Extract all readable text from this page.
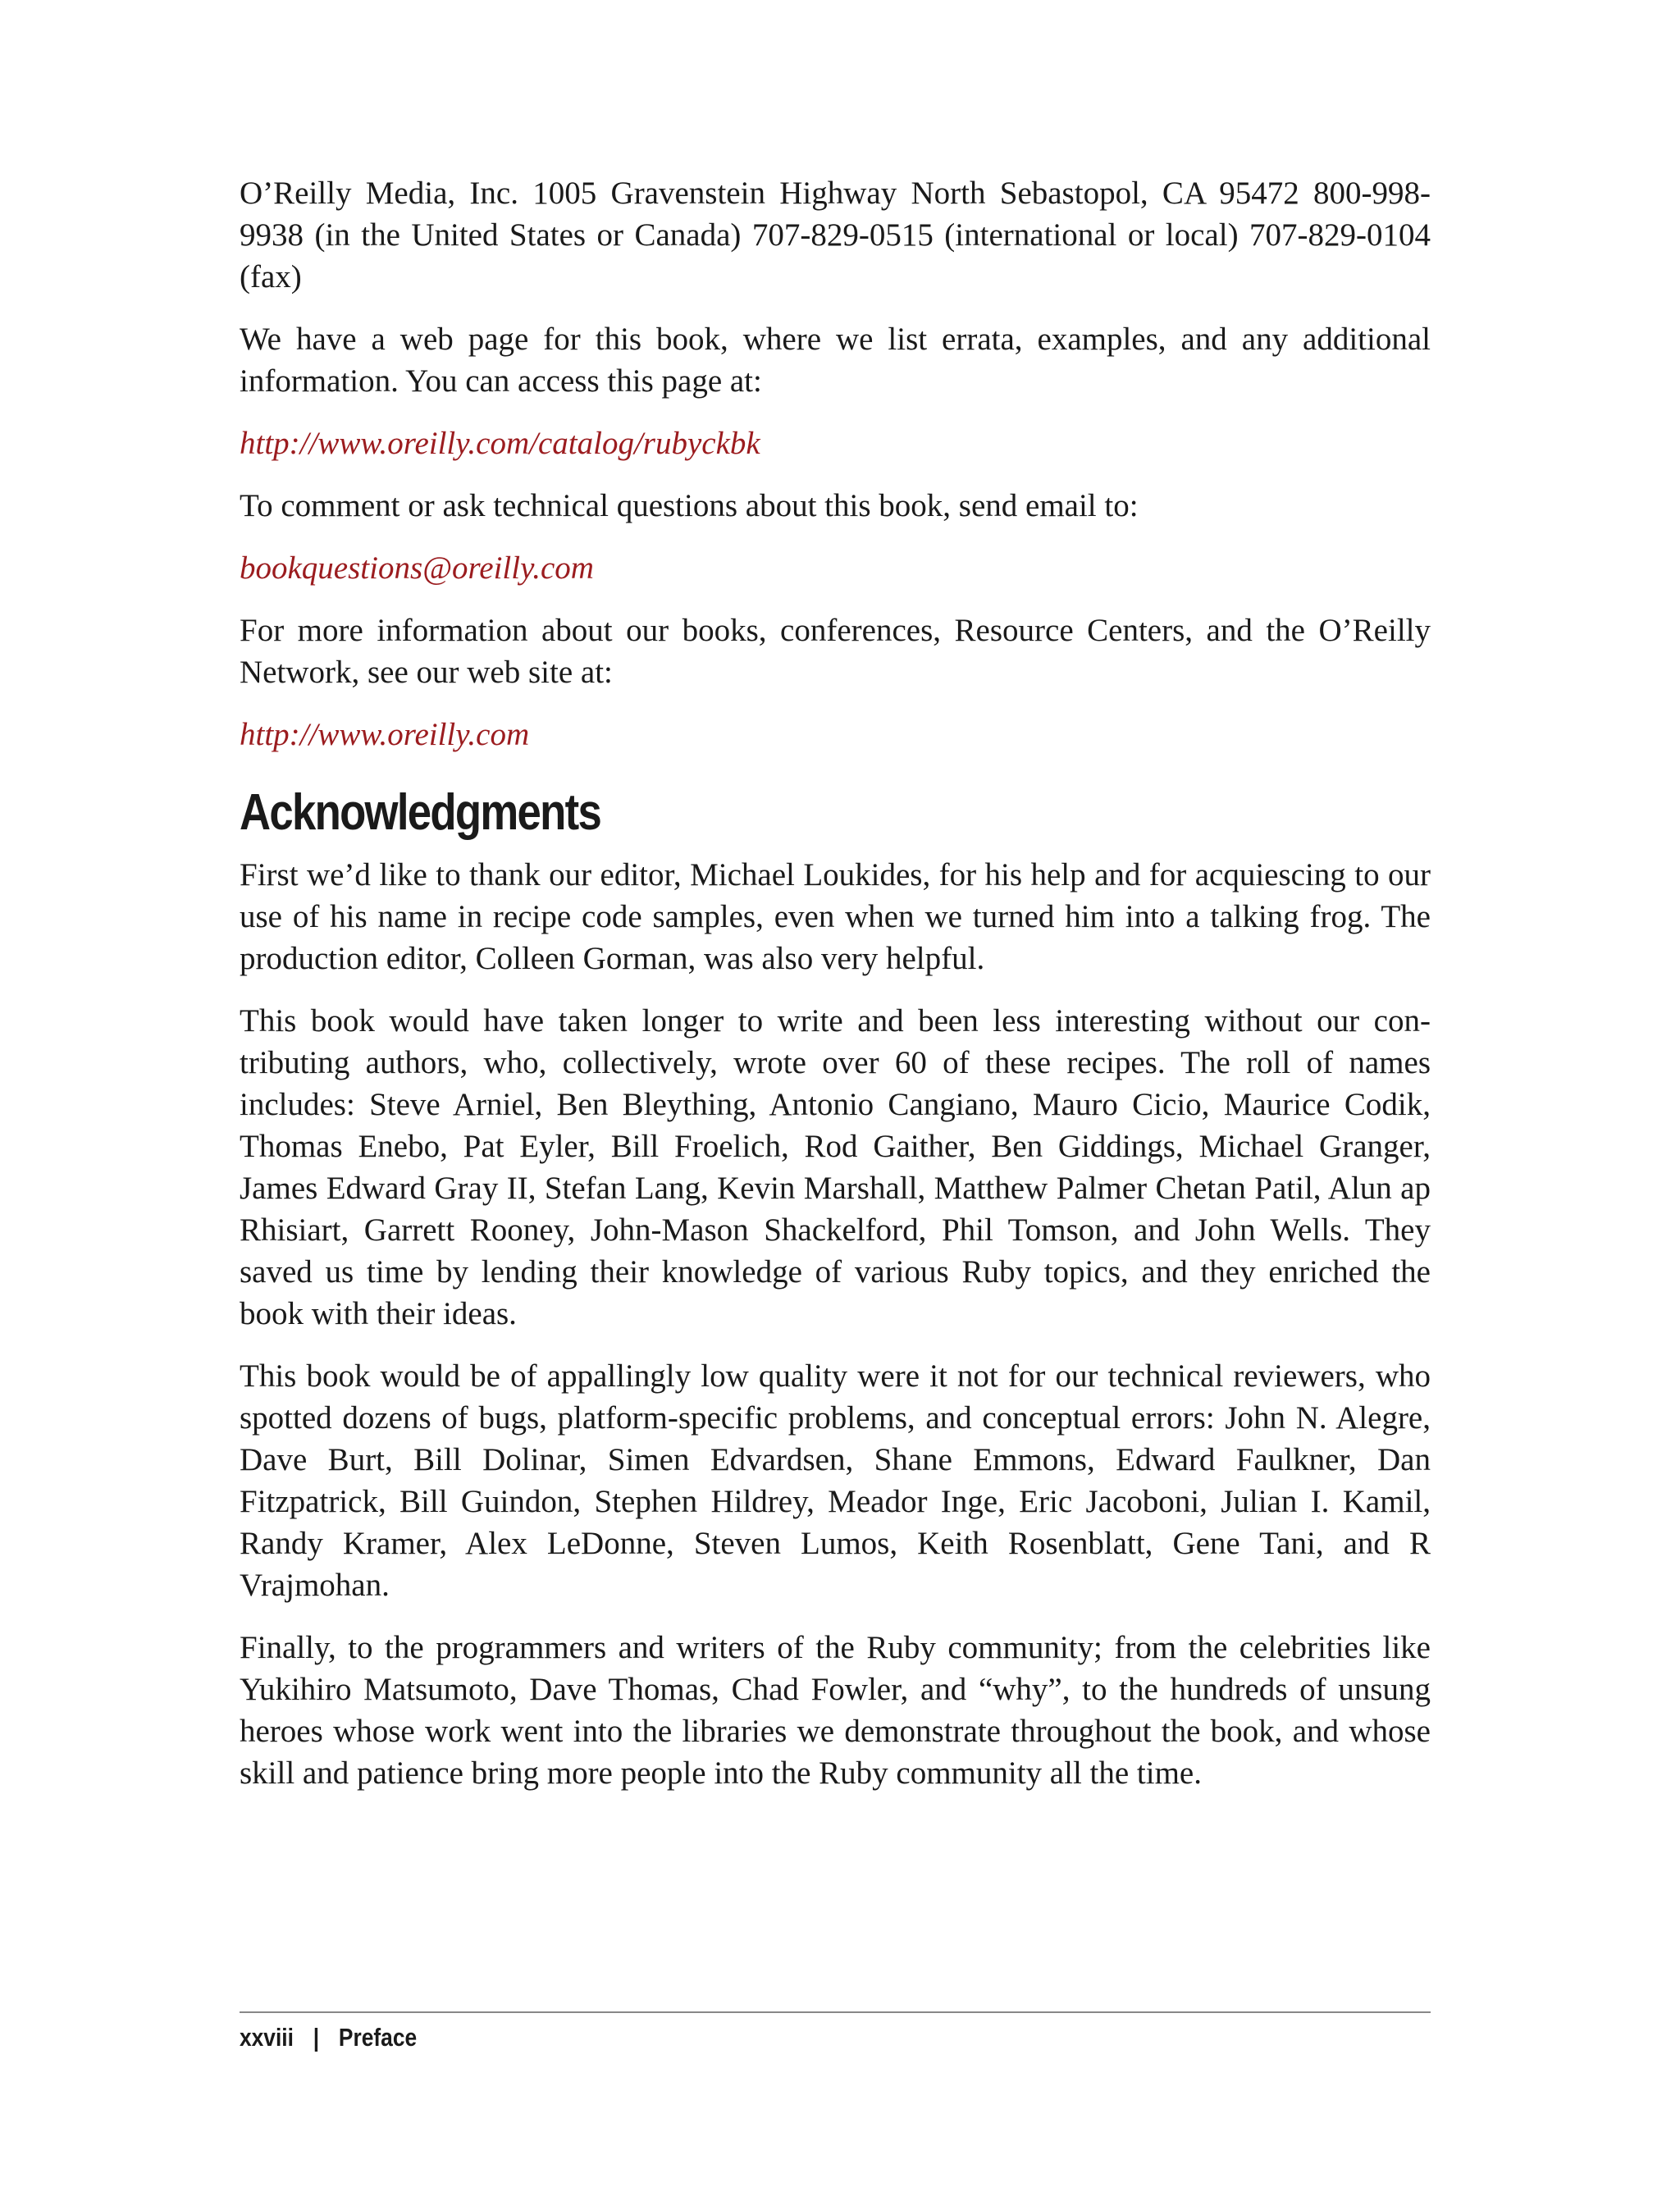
O’Reilly Media, Inc. 1005 Gravenstein Highway North Sebastopol, CA 95472 800-998-9938 (in the United States or Canada) 707-829-0515 (international or local) 707-829-0104 (fax)

We have a web page for this book, where we list errata, examples, and any additional information. You can access this page at:

http://www.oreilly.com/catalog/rubyckbk

To comment or ask technical questions about this book, send email to:

bookquestions@oreilly.com

For more information about our books, conferences, Resource Centers, and the O’Reilly Network, see our web site at:

http://www.oreilly.com

Acknowledgments

First we’d like to thank our editor, Michael Loukides, for his help and for acquiescing to our use of his name in recipe code samples, even when we turned him into a talking frog. The production editor, Colleen Gorman, was also very helpful.

This book would have taken longer to write and been less interesting without our contributing authors, who, collectively, wrote over 60 of these recipes. The roll of names includes: Steve Arniel, Ben Bleything, Antonio Cangiano, Mauro Cicio, Maurice Codik, Thomas Enebo, Pat Eyler, Bill Froelich, Rod Gaither, Ben Giddings, Michael Granger, James Edward Gray II, Stefan Lang, Kevin Marshall, Matthew Palmer Chetan Patil, Alun ap Rhisiart, Garrett Rooney, John-Mason Shackelford, Phil Tomson, and John Wells. They saved us time by lending their knowledge of various Ruby topics, and they enriched the book with their ideas.

This book would be of appallingly low quality were it not for our technical reviewers, who spotted dozens of bugs, platform-specific problems, and conceptual errors: John N. Alegre, Dave Burt, Bill Dolinar, Simen Edvardsen, Shane Emmons, Edward Faulkner, Dan Fitzpatrick, Bill Guindon, Stephen Hildrey, Meador Inge, Eric Jacoboni, Julian I. Kamil, Randy Kramer, Alex LeDonne, Steven Lumos, Keith Rosenblatt, Gene Tani, and R Vrajmohan.

Finally, to the programmers and writers of the Ruby community; from the celebrities like Yukihiro Matsumoto, Dave Thomas, Chad Fowler, and “why”, to the hundreds of unsung heroes whose work went into the libraries we demonstrate throughout the book, and whose skill and patience bring more people into the Ruby community all the time.

xxviii | Preface
